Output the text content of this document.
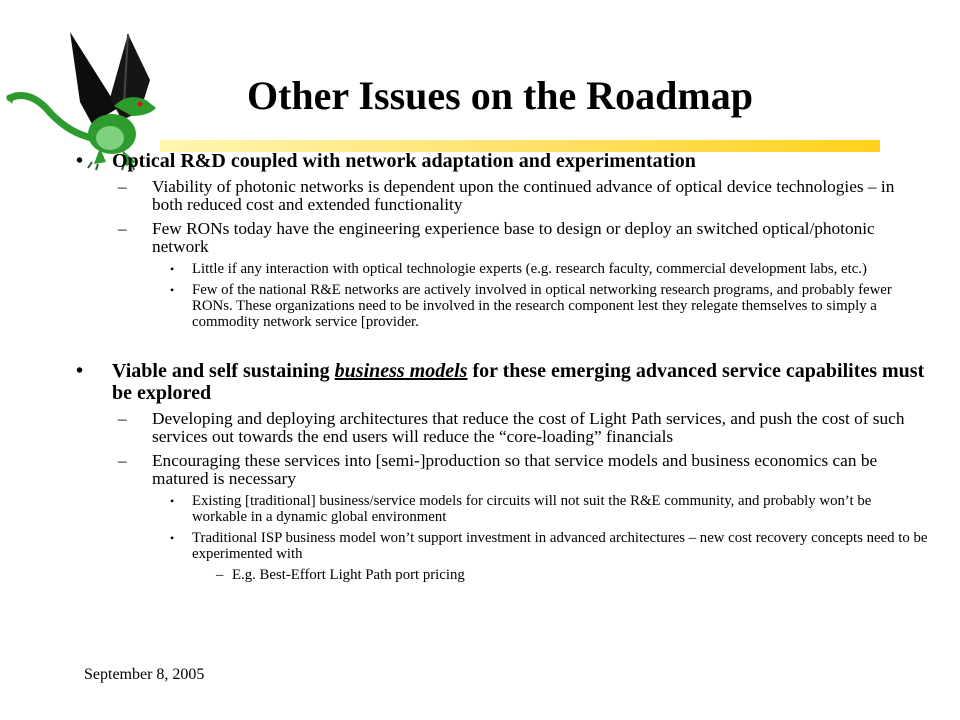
Other Issues on the Roadmap
• Optical R&D coupled with network adaptation and experimentation
– Viability of photonic networks is dependent upon the continued advance of optical device technologies – in both reduced cost and extended functionality
– Few RONs today have the engineering experience base to design or deploy an switched optical/photonic network
• Little if any interaction with optical technologie experts (e.g. research faculty, commercial development labs, etc.)
• Few of the national R&E networks are actively involved in optical networking research programs, and probably fewer RONs. These organizations need to be involved in the research component lest they relegate themselves to simply a commodity network service [provider.
• Viable and self sustaining business models for these emerging advanced service capabilites must be explored
– Developing and deploying architectures that reduce the cost of Light Path services, and push the cost of such services out towards the end users will reduce the “core-loading” financials
– Encouraging these services into [semi-]production so that service models and business economics can be matured is necessary
• Existing [traditional] business/service models for circuits will not suit the R&E community, and probably won’t be workable in a dynamic global environment
• Traditional ISP business model won’t support investment in advanced architectures – new cost recovery concepts need to be experimented with
– E.g. Best-Effort Light Path port pricing
September 8, 2005
